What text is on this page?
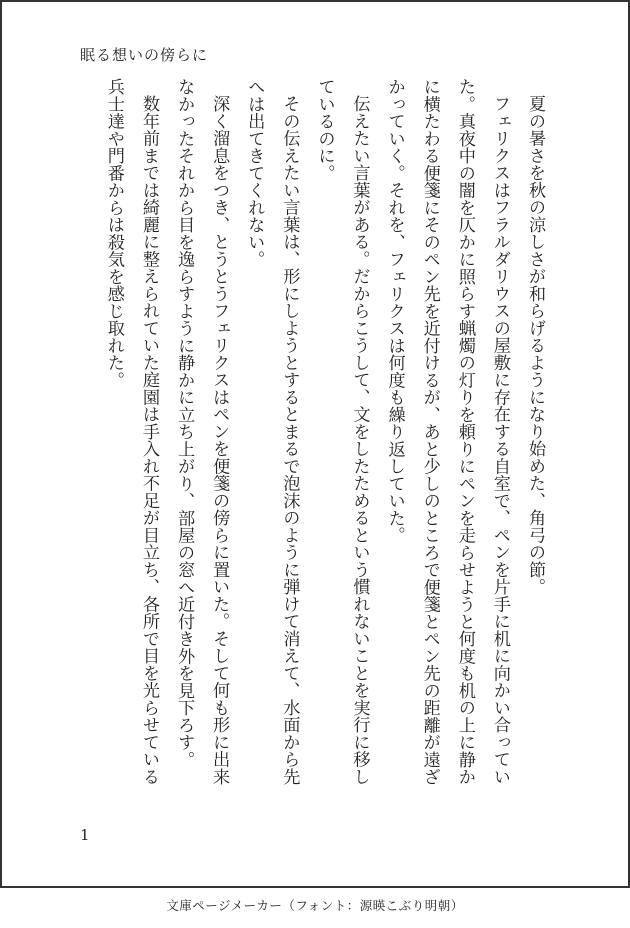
眠る想いの傍らに

夏の暑さを秋の涼しさが和らげるようになり始めた、角弓の節。

フェリクスはフラルダリウスの屋敷に存在する自室で、ペンを片手に机に向かい合っていた。真夜中の闇を仄かに照らす蝋燭の灯りを頼りにペンを走らせようと何度も机の上に静かに横たわる便箋にそのペン先を近付けるが、あと少しのところで便箋とペン先の距離が遠ざかっていく。それを、フェリクスは何度も繰り返していた。

伝えたい言葉がある。だからこうして、文をしたためるという慣れないことを実行に移しているのに。

その伝えたい言葉は、形にしようとするとまるで泡沫のように弾けて消えて、水面から先へは出てきてくれない。

深く溜息をつき、とうとうフェリクスはペンを便箋の傍らに置いた。そして何も形に出来なかったそれから目を逸らすように静かに立ち上がり、部屋の窓へ近付き外を見下ろす。

数年前までは綺麗に整えられていた庭園は手入れ不足が目立ち、各所で目を光らせている兵士達や門番からは殺気を感じ取れた。

1
文庫ページメーカー（フォント：源暎こぶり明朝）
